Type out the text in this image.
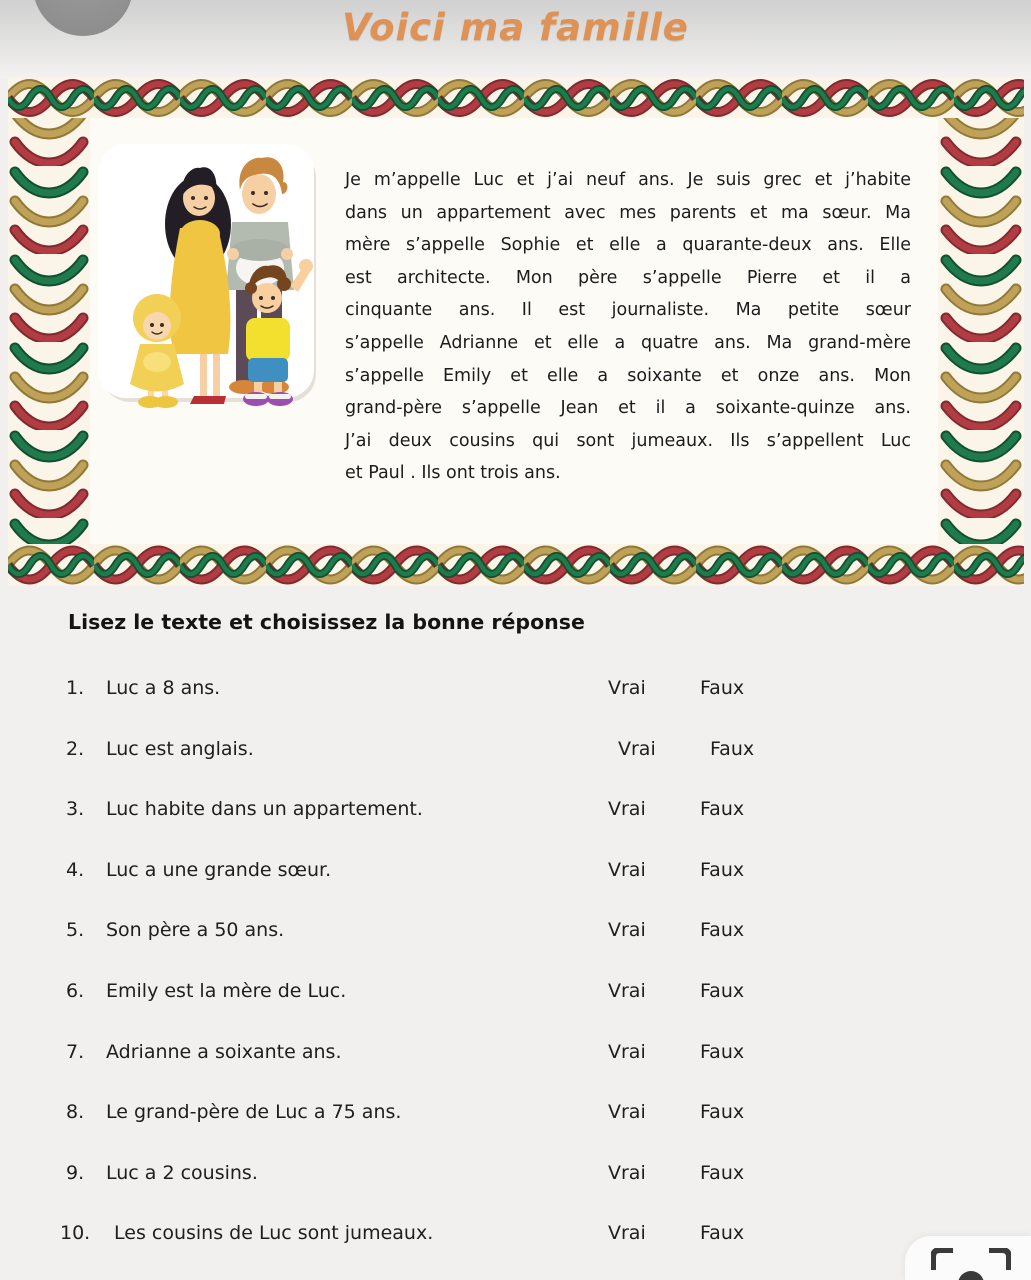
Voici ma famille
Je m’appelle Luc et j’ai neuf ans. Je suis grec et j’habite
dans un appartement avec mes parents et ma sœur. Ma
mère s’appelle Sophie et elle a quarante-deux ans. Elle
est architecte. Mon père s’appelle Pierre et il a
cinquante ans. Il est journaliste. Ma petite sœur
s’appelle Adrianne et elle a quatre ans. Ma grand-mère
s’appelle Emily et elle a soixante et onze ans. Mon
grand-père s’appelle Jean et il a soixante-quinze ans.
J’ai deux cousins qui sont jumeaux. Ils s’appellent Luc
et Paul . Ils ont trois ans.
Lisez le texte et choisissez la bonne réponse
1. Luc a 8 ans.	Vrai	Faux
2. Luc est anglais.	Vrai	Faux
3. Luc habite dans un appartement.	Vrai	Faux
4. Luc a une grande sœur.	Vrai	Faux
5. Son père a 50 ans.	Vrai	Faux
6. Emily est la mère de Luc.	Vrai	Faux
7. Adrianne a soixante ans.	Vrai	Faux
8. Le grand-père de Luc a 75 ans.	Vrai	Faux
9. Luc a 2 cousins.	Vrai	Faux
10. Les cousins de Luc sont jumeaux.	Vrai	Faux
